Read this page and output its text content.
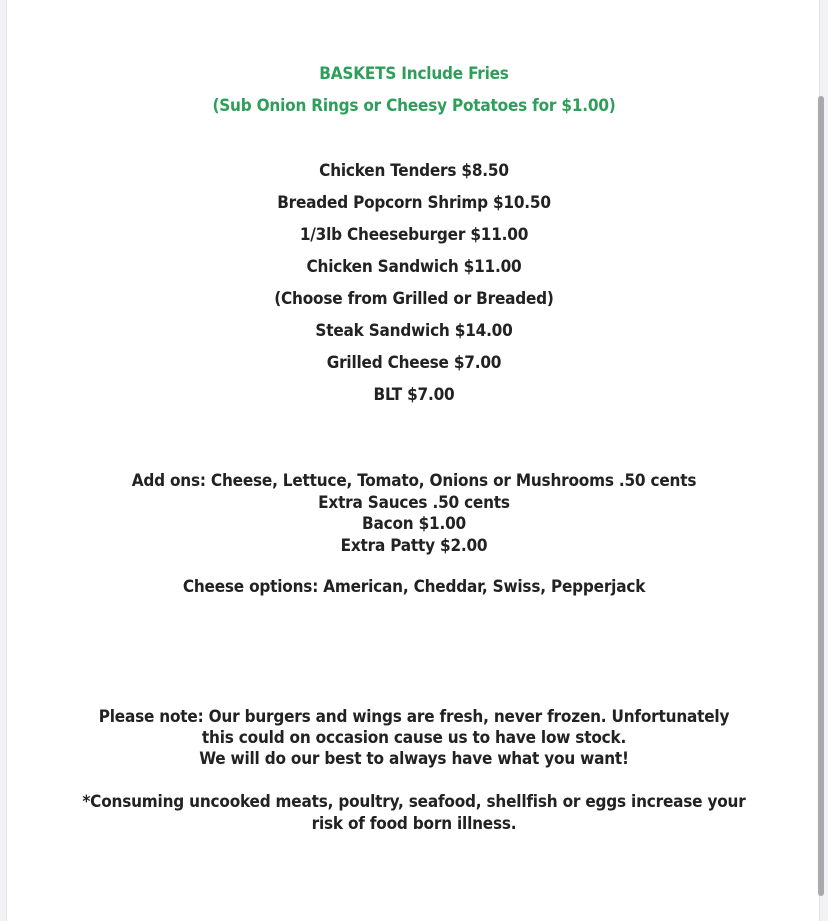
BASKETS Include Fries
(Sub Onion Rings or Cheesy Potatoes for $1.00)
Chicken Tenders $8.50
Breaded Popcorn Shrimp $10.50
1/3lb Cheeseburger $11.00
Chicken Sandwich $11.00
(Choose from Grilled or Breaded)
Steak Sandwich $14.00
Grilled Cheese $7.00
BLT $7.00
Add ons: Cheese, Lettuce, Tomato, Onions or Mushrooms .50 cents
Extra Sauces .50 cents
Bacon $1.00
Extra Patty $2.00
Cheese options: American, Cheddar, Swiss, Pepperjack
Please note: Our burgers and wings are fresh, never frozen. Unfortunately
this could on occasion cause us to have low stock.
We will do our best to always have what you want!
*Consuming uncooked meats, poultry, seafood, shellfish or eggs increase your
risk of food born illness.
